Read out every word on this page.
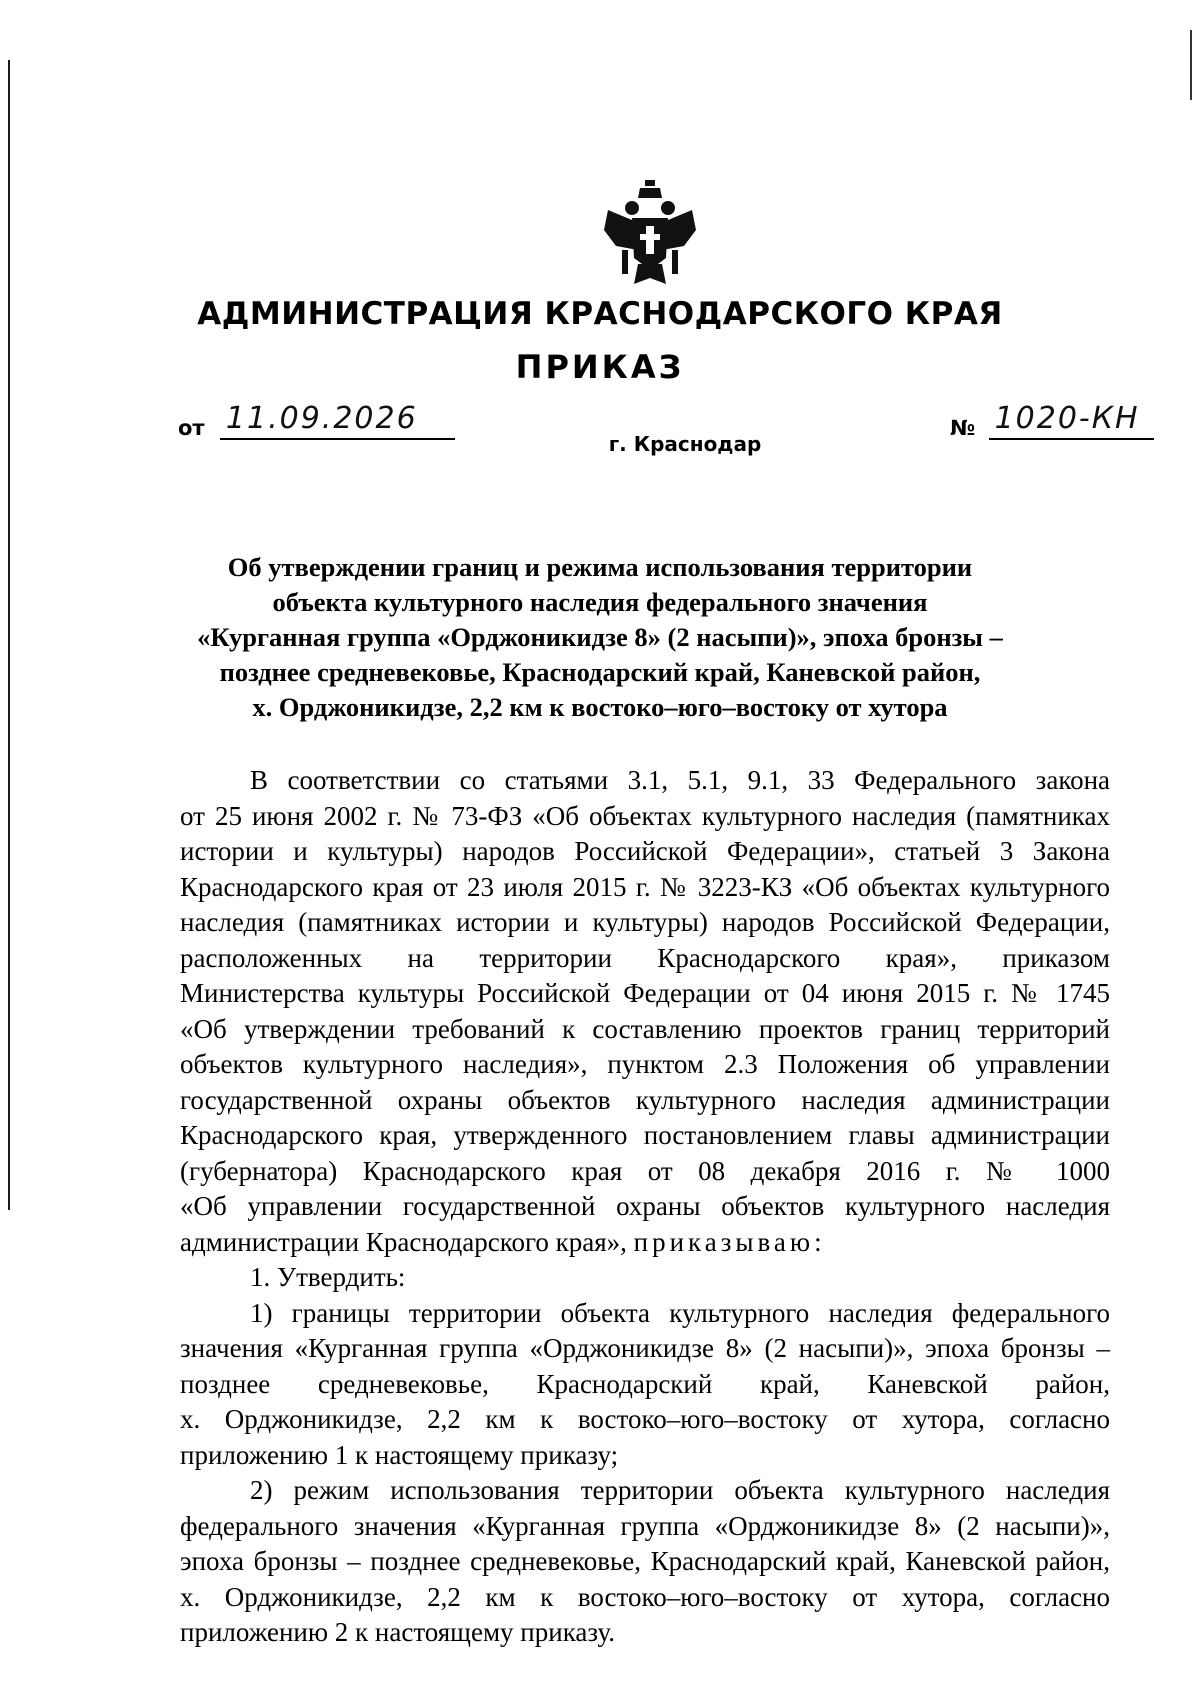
АДМИНИСТРАЦИЯ КРАСНОДАРСКОГО КРАЯ
ПРИКАЗ
от 11.09.2026
г. Краснодар
№ 1020-КН
Об утверждении границ и режима использования территории
объекта культурного наследия федерального значения
«Курганная группа «Орджоникидзе 8» (2 насыпи)», эпоха бронзы –
позднее средневековье, Краснодарский край, Каневской район,
х. Орджоникидзе, 2,2 км к востоко–юго–востоку от хутора
В соответствии со статьями 3.1, 5.1, 9.1, 33 Федерального закона
от 25 июня 2002 г. № 73-ФЗ «Об объектах культурного наследия (памятниках
истории и культуры) народов Российской Федерации», статьей 3 Закона
Краснодарского края от 23 июля 2015 г. № 3223-КЗ «Об объектах культурного
наследия (памятниках истории и культуры) народов Российской Федерации,
расположенных на территории Краснодарского края», приказом
Министерства культуры Российской Федерации от 04 июня 2015 г. № 1745
«Об утверждении требований к составлению проектов границ территорий
объектов культурного наследия», пунктом 2.3 Положения об управлении
государственной охраны объектов культурного наследия администрации
Краснодарского края, утвержденного постановлением главы администрации
(губернатора) Краснодарского края от 08 декабря 2016 г. № 1000
«Об управлении государственной охраны объектов культурного наследия
администрации Краснодарского края», приказываю:
1. Утвердить:
1) границы территории объекта культурного наследия федерального
значения «Курганная группа «Орджоникидзе 8» (2 насыпи)», эпоха бронзы –
позднее средневековье, Краснодарский край, Каневской район,
х. Орджоникидзе, 2,2 км к востоко–юго–востоку от хутора, согласно
приложению 1 к настоящему приказу;
2) режим использования территории объекта культурного наследия
федерального значения «Курганная группа «Орджоникидзе 8» (2 насыпи)»,
эпоха бронзы – позднее средневековье, Краснодарский край, Каневской район,
х. Орджоникидзе, 2,2 км к востоко–юго–востоку от хутора, согласно
приложению 2 к настоящему приказу.
